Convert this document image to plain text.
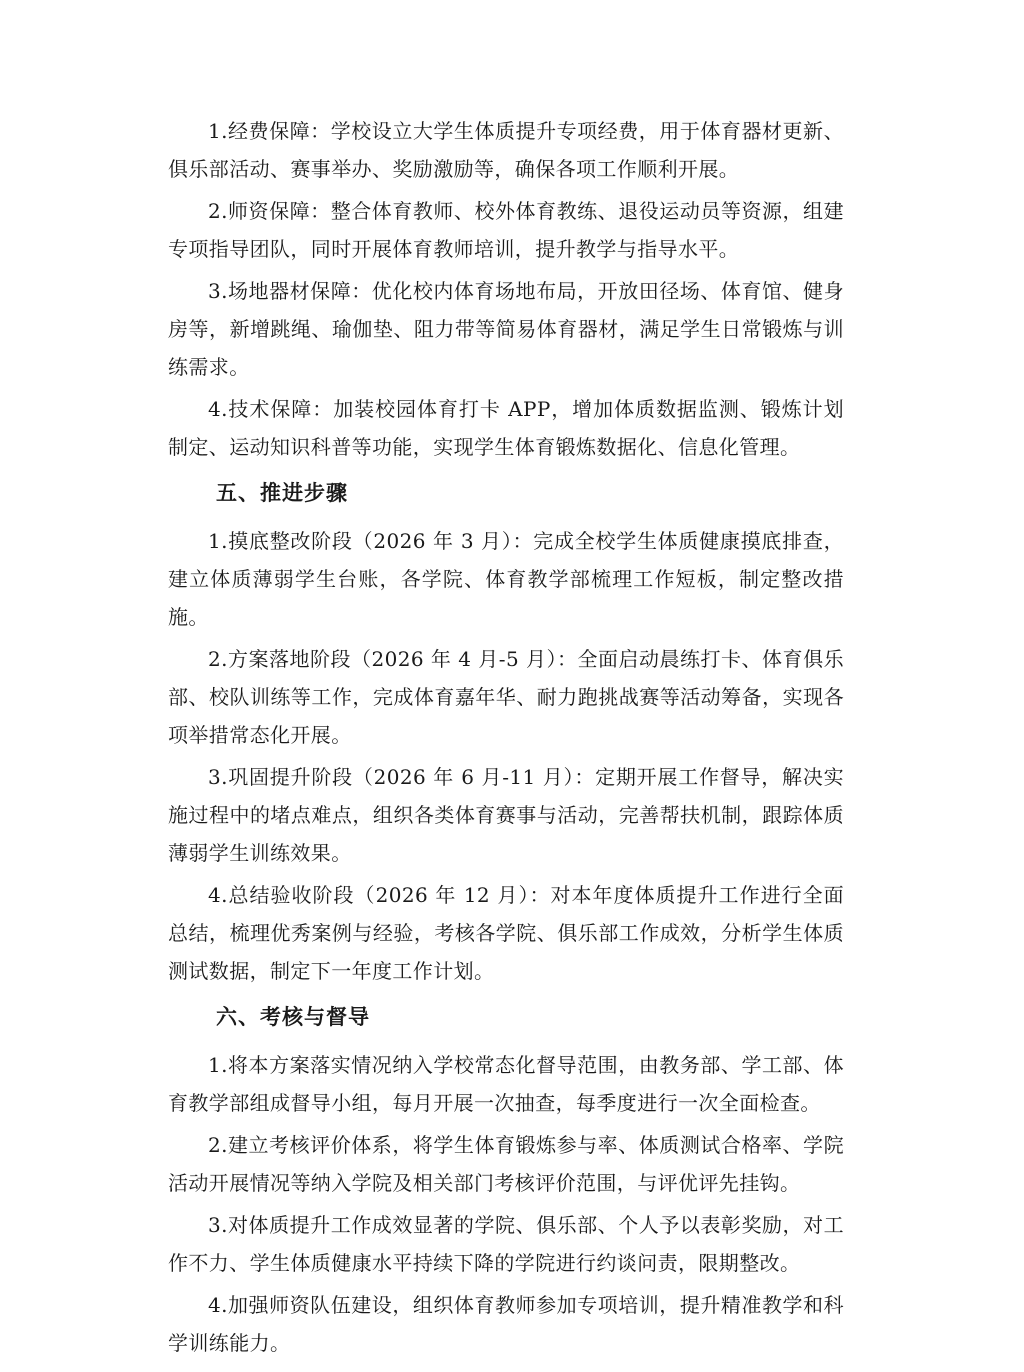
1.经费保障：学校设立大学生体质提升专项经费，用于体育器材更新、俱乐部活动、赛事举办、奖励激励等，确保各项工作顺利开展。

2.师资保障：整合体育教师、校外体育教练、退役运动员等资源，组建专项指导团队，同时开展体育教师培训，提升教学与指导水平。

3.场地器材保障：优化校内体育场地布局，开放田径场、体育馆、健身房等，新增跳绳、瑜伽垫、阻力带等简易体育器材，满足学生日常锻炼与训练需求。

4.技术保障：加装校园体育打卡 APP，增加体质数据监测、锻炼计划制定、运动知识科普等功能，实现学生体育锻炼数据化、信息化管理。

五、推进步骤

1.摸底整改阶段（2026 年 3 月）：完成全校学生体质健康摸底排查，建立体质薄弱学生台账，各学院、体育教学部梳理工作短板，制定整改措施。

2.方案落地阶段（2026 年 4 月-5 月）：全面启动晨练打卡、体育俱乐部、校队训练等工作，完成体育嘉年华、耐力跑挑战赛等活动筹备，实现各项举措常态化开展。

3.巩固提升阶段（2026 年 6 月-11 月）：定期开展工作督导，解决实施过程中的堵点难点，组织各类体育赛事与活动，完善帮扶机制，跟踪体质薄弱学生训练效果。

4.总结验收阶段（2026 年 12 月）：对本年度体质提升工作进行全面总结，梳理优秀案例与经验，考核各学院、俱乐部工作成效，分析学生体质测试数据，制定下一年度工作计划。

六、考核与督导

1.将本方案落实情况纳入学校常态化督导范围，由教务部、学工部、体育教学部组成督导小组，每月开展一次抽查，每季度进行一次全面检查。

2.建立考核评价体系，将学生体育锻炼参与率、体质测试合格率、学院活动开展情况等纳入学院及相关部门考核评价范围，与评优评先挂钩。

3.对体质提升工作成效显著的学院、俱乐部、个人予以表彰奖励，对工作不力、学生体质健康水平持续下降的学院进行约谈问责，限期整改。

4.加强师资队伍建设，组织体育教师参加专项培训，提升精准教学和科学训练能力。
